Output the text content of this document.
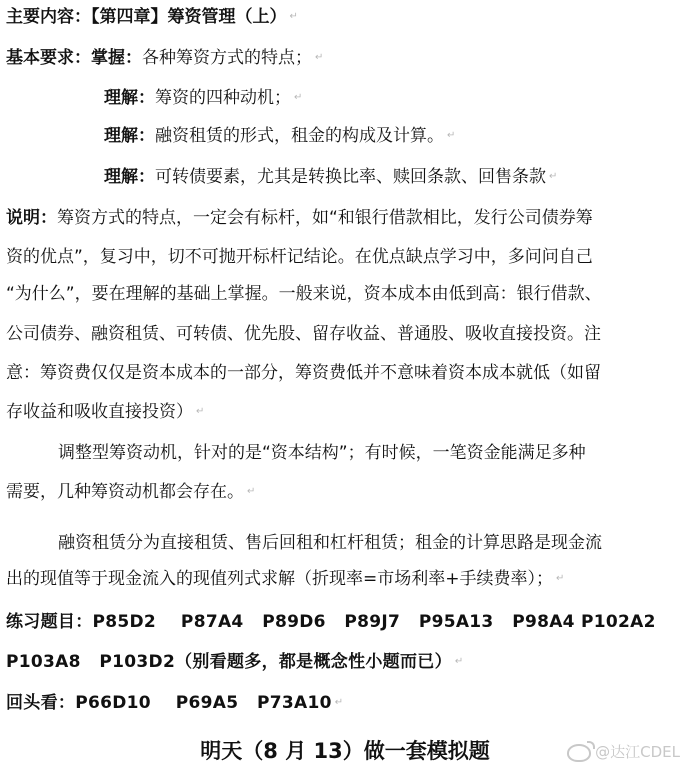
主要内容：【第四章】筹资管理（上） ↵
基本要求：掌握：各种筹资方式的特点； ↵
理解：筹资的四种动机； ↵
理解：融资租赁的形式，租金的构成及计算。 ↵
理解：可转债要素，尤其是转换比率、赎回条款、回售条款 ↵
说明：筹资方式的特点，一定会有标杆，如“和银行借款相比，发行公司债券筹
资的优点”，复习中，切不可抛开标杆记结论。在优点缺点学习中，多问问自己
“为什么”，要在理解的基础上掌握。一般来说，资本成本由低到高：银行借款、
公司债券、融资租赁、可转债、优先股、留存收益、普通股、吸收直接投资。注
意：筹资费仅仅是资本成本的一部分，筹资费低并不意味着资本成本就低（如留
存收益和吸收直接投资） ↵
调整型筹资动机，针对的是“资本结构”；有时候，一笔资金能满足多种
需要，几种筹资动机都会存在。 ↵
融资租赁分为直接租赁、售后回租和杠杆租赁；租金的计算思路是现金流
出的现值等于现金流入的现值列式求解（折现率=市场利率+手续费率）； ↵
练习题目：P85D2    P87A4   P89D6   P89J7   P95A13   P98A4 P102A2
P103A8   P103D2（别看题多，都是概念性小题而已） ↵
回头看：P66D10    P69A5   P73A10 ↵
明天（8 月 13）做一套模拟题	@达江CDEL
